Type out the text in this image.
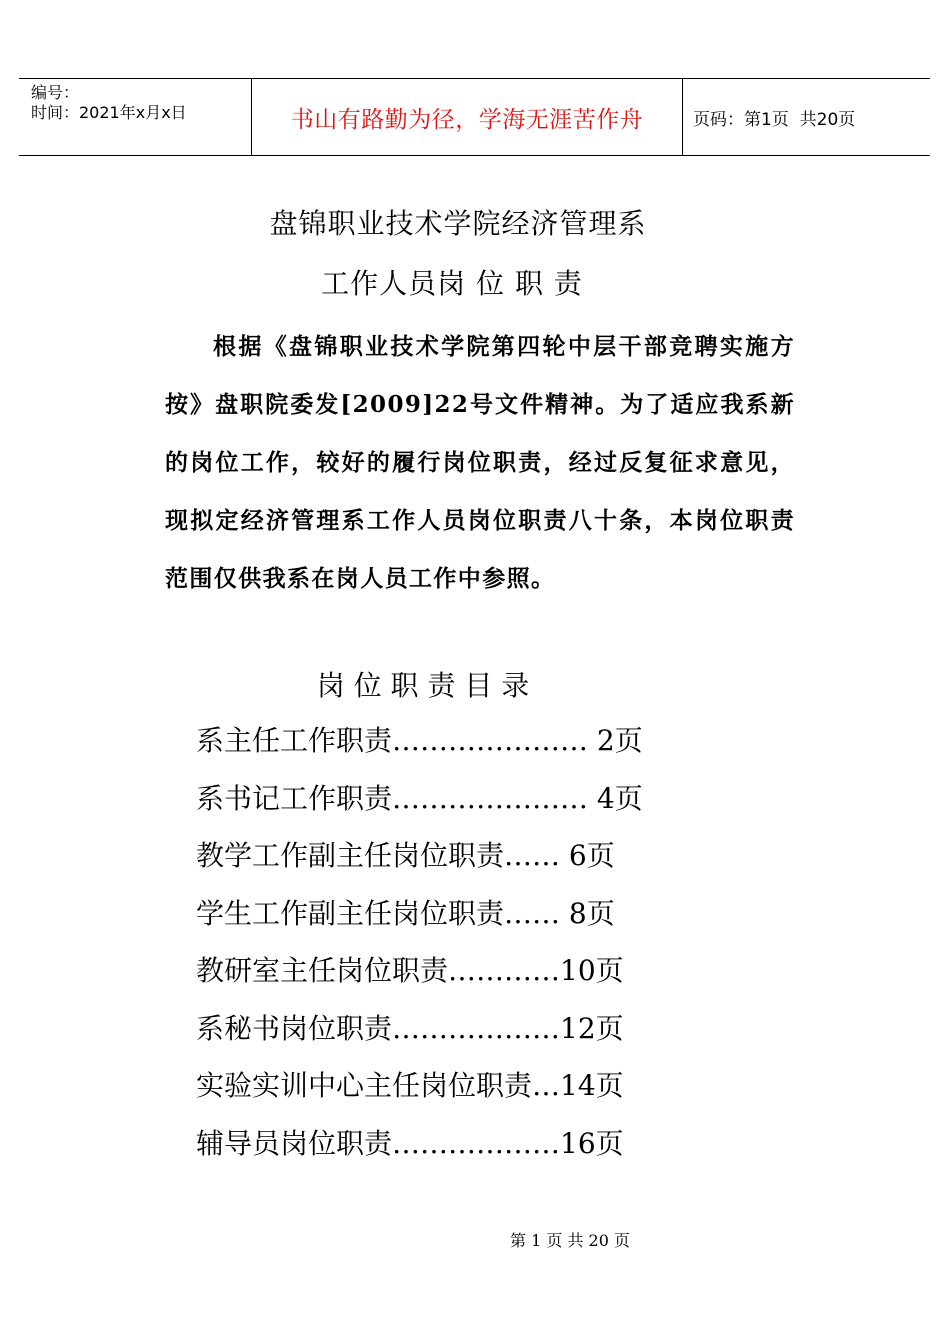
编号：
时间：2021年x月x日	书山有路勤为径，学海无涯苦作舟	页码：第1页  共20页
盘锦职业技术学院经济管理系
工作人员岗 位 职 责
根据《盘锦职业技术学院第四轮中层干部竞聘实施方按》盘职院委发[2009]22号文件精神。为了适应我系新的岗位工作，较好的履行岗位职责，经过反复征求意见，现拟定经济管理系工作人员岗位职责八十条，本岗位职责范围仅供我系在岗人员工作中参照。
岗 位 职 责 目 录
系主任工作职责………………… 2页
系书记工作职责………………… 4页
教学工作副主任岗位职责…… 6页
学生工作副主任岗位职责…… 8页
教研室主任岗位职责…………10页
系秘书岗位职责………………12页
实验实训中心主任岗位职责…14页
辅导员岗位职责………………16页
第 1 页 共 20 页
